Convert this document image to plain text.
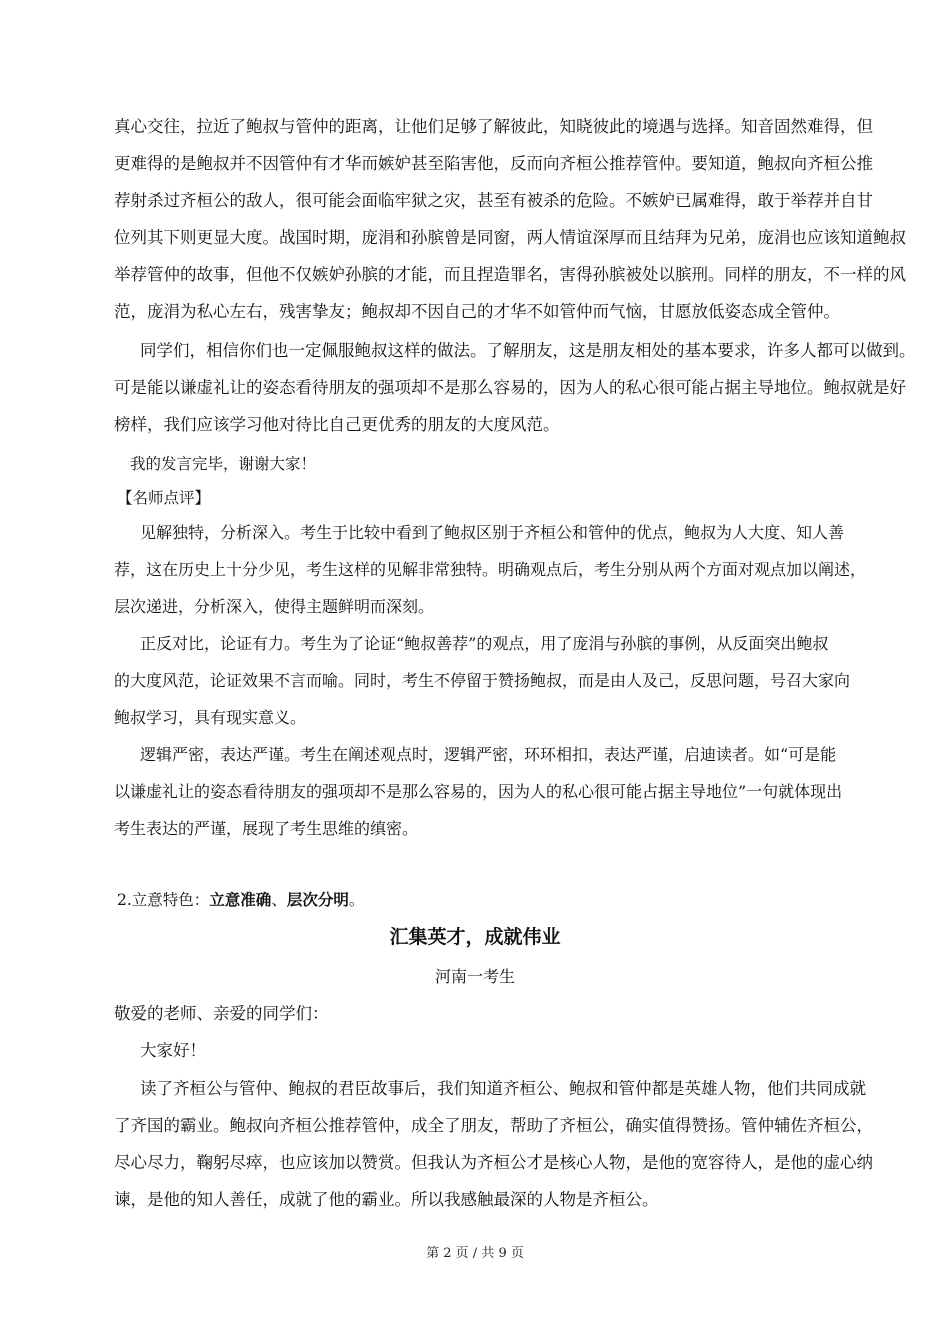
真心交往，拉近了鲍叔与管仲的距离，让他们足够了解彼此，知晓彼此的境遇与选择。知音固然难得，但
更难得的是鲍叔并不因管仲有才华而嫉妒甚至陷害他，反而向齐桓公推荐管仲。要知道，鲍叔向齐桓公推
荐射杀过齐桓公的敌人，很可能会面临牢狱之灾，甚至有被杀的危险。不嫉妒已属难得，敢于举荐并自甘
位列其下则更显大度。战国时期，庞涓和孙膑曾是同窗，两人情谊深厚而且结拜为兄弟，庞涓也应该知道鲍叔
举荐管仲的故事，但他不仅嫉妒孙膑的才能，而且捏造罪名，害得孙膑被处以膑刑。同样的朋友，不一样的风
范，庞涓为私心左右，残害挚友；鲍叔却不因自己的才华不如管仲而气恼，甘愿放低姿态成全管仲。
同学们，相信你们也一定佩服鲍叔这样的做法。了解朋友，这是朋友相处的基本要求，许多人都可以做到。
可是能以谦虚礼让的姿态看待朋友的强项却不是那么容易的，因为人的私心很可能占据主导地位。鲍叔就是好
榜样，我们应该学习他对待比自己更优秀的朋友的大度风范。
我的发言完毕，谢谢大家！
【名师点评】
见解独特，分析深入。考生于比较中看到了鲍叔区别于齐桓公和管仲的优点，鲍叔为人大度、知人善
荐，这在历史上十分少见，考生这样的见解非常独特。明确观点后，考生分别从两个方面对观点加以阐述，
层次递进，分析深入，使得主题鲜明而深刻。
正反对比，论证有力。考生为了论证“鲍叔善荐”的观点，用了庞涓与孙膑的事例，从反面突出鲍叔
的大度风范，论证效果不言而喻。同时，考生不停留于赞扬鲍叔，而是由人及己，反思问题，号召大家向
鲍叔学习，具有现实意义。
逻辑严密，表达严谨。考生在阐述观点时，逻辑严密，环环相扣，表达严谨，启迪读者。如“可是能
以谦虚礼让的姿态看待朋友的强项却不是那么容易的，因为人的私心很可能占据主导地位”一句就体现出
考生表达的严谨，展现了考生思维的缜密。
2.立意特色：立意准确、层次分明。
汇集英才，成就伟业
河南一考生
敬爱的老师、亲爱的同学们：
大家好！
读了齐桓公与管仲、鲍叔的君臣故事后，我们知道齐桓公、鲍叔和管仲都是英雄人物，他们共同成就
了齐国的霸业。鲍叔向齐桓公推荐管仲，成全了朋友，帮助了齐桓公，确实值得赞扬。管仲辅佐齐桓公，
尽心尽力，鞠躬尽瘁，也应该加以赞赏。但我认为齐桓公才是核心人物，是他的宽容待人，是他的虚心纳
谏，是他的知人善任，成就了他的霸业。所以我感触最深的人物是齐桓公。
第 2 页 / 共 9 页
